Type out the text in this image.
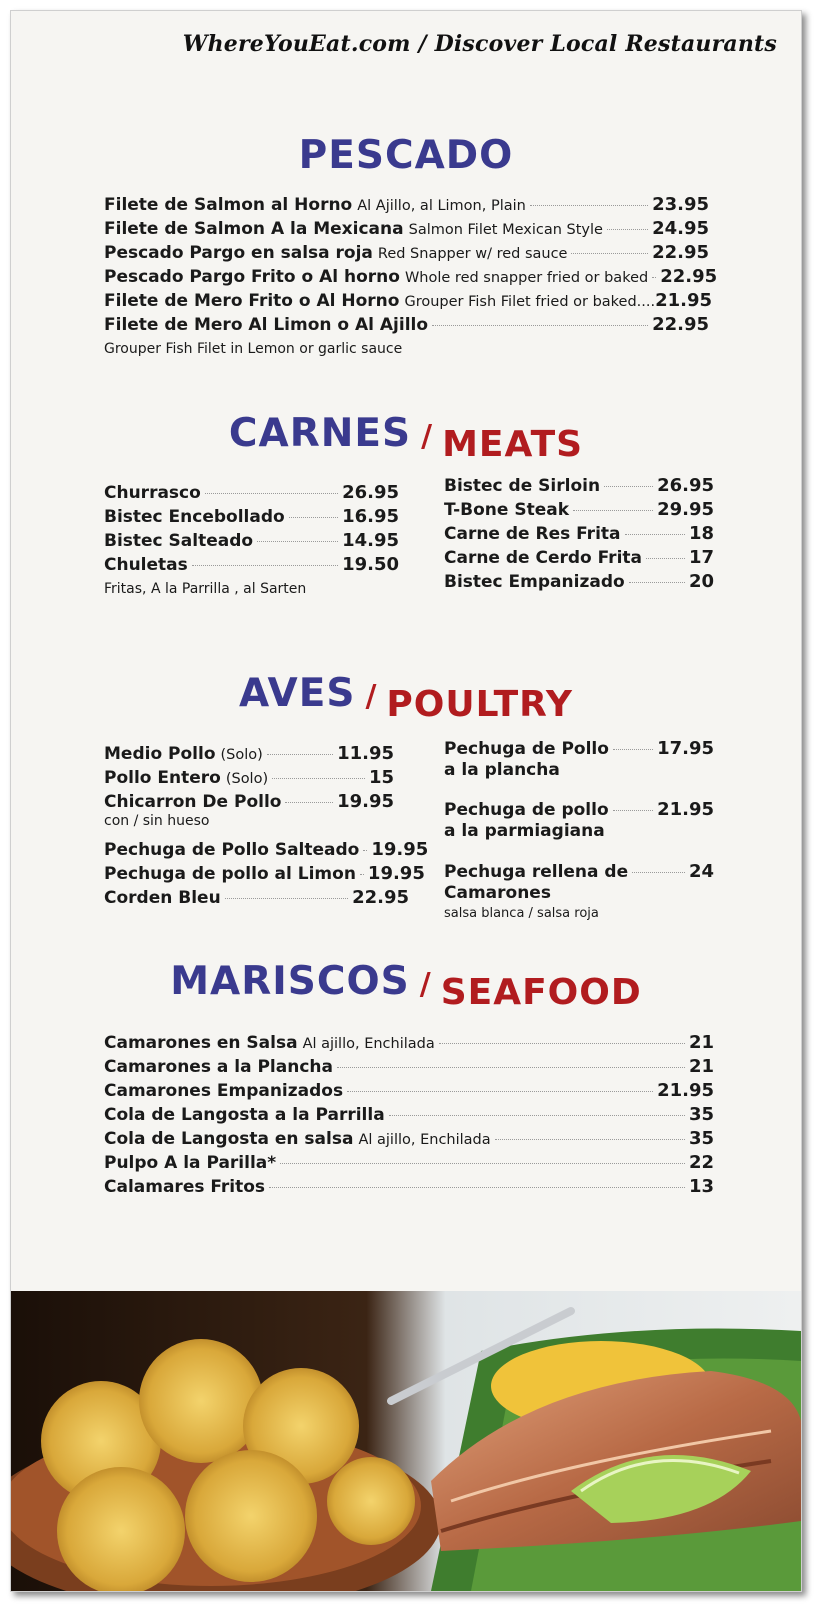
WhereYouEat.com / Discover Local Restaurants
PESCADO
Filete de Salmon al Horno Al Ajillo, al Limon, Plain	23.95
Filete de Salmon A la Mexicana Salmon Filet Mexican Style	24.95
Pescado Pargo en salsa roja Red Snapper w/ red sauce	22.95
Pescado Pargo Frito o Al horno Whole red snapper fried or baked 22.95
Filete de Mero Frito o Al Horno Grouper Fish Filet fried or baked.... 21.95
Filete de Mero Al Limon o Al Ajillo	22.95
Grouper Fish Filet in Lemon or garlic sauce
CARNES / MEATS
Churrasco	26.95
Bistec Encebollado	16.95
Bistec Salteado	14.95
Chuletas	19.50
Fritas, A la Parrilla , al Sarten
Bistec de Sirloin	26.95
T-Bone Steak	29.95
Carne de Res Frita	18
Carne de Cerdo Frita	17
Bistec Empanizado	20
AVES / POULTRY
Medio Pollo (Solo)	11.95
Pollo Entero (Solo)	15
Chicarron De Pollo	19.95
con / sin hueso
Pechuga de Pollo Salteado 19.95
Pechuga de pollo al Limon 19.95
Corden Bleu	22.95
Pechuga de Pollo	17.95
a la plancha
Pechuga de pollo	21.95
a la parmiagiana
Pechuga rellena de	24
Camarones
salsa blanca / salsa roja
MARISCOS / SEAFOOD
Camarones en Salsa Al ajillo, Enchilada	21
Camarones a la Plancha	21
Camarones Empanizados	21.95
Cola de Langosta a la Parrilla	35
Cola de Langosta en salsa Al ajillo, Enchilada	35
Pulpo A la Parilla*	22
Calamares Fritos	13
